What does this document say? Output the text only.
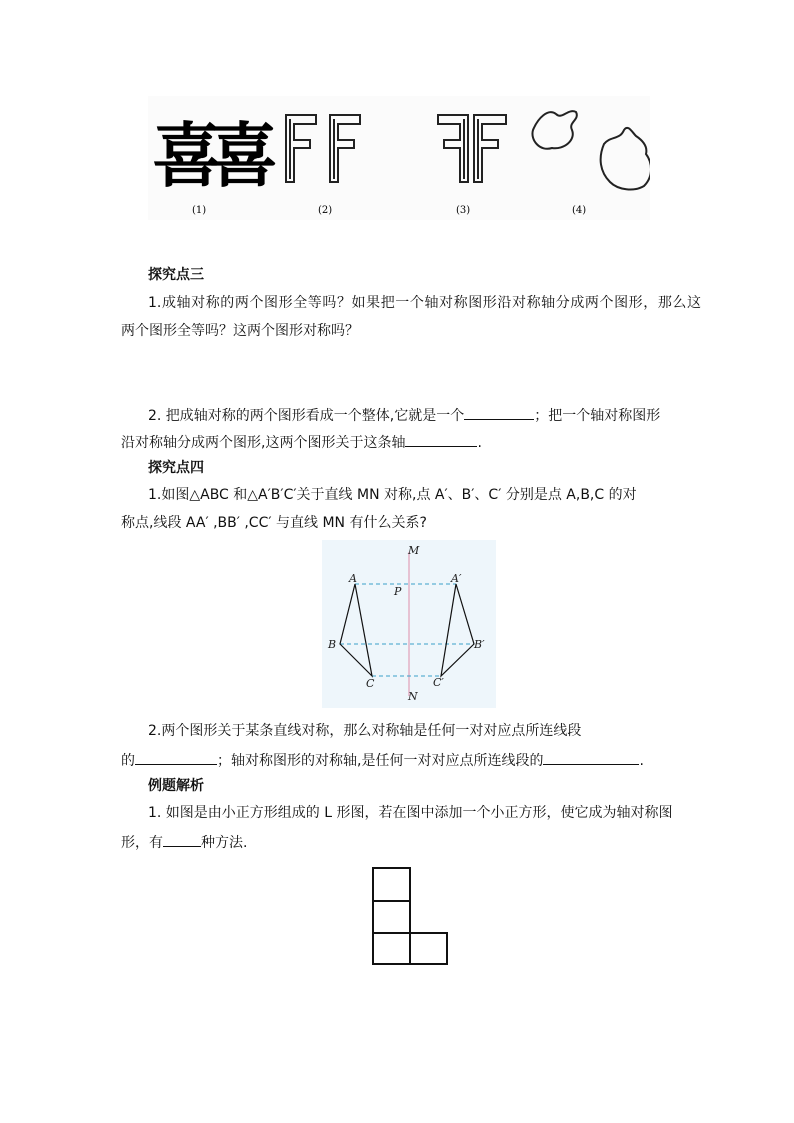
喜
喜
(1)	(2)	(3)	(4)
探究点三
1.成轴对称的两个图形全等吗？如果把一个轴对称图形沿对称轴分成两个图形，那么这
两个图形全等吗？这两个图形对称吗？
2. 把成轴对称的两个图形看成一个整体,它就是一个	；把一个轴对称图形
沿对称轴分成两个图形,这两个图形关于这条轴	.
探究点四
1.如图△ABC 和△A′B′C′关于直线 MN 对称,点 A′、B′、C′ 分别是点 A,B,C 的对
称点,线段 AA′ ,BB′ ,CC′ 与直线 MN 有什么关系?
M
N
P
A
B
C
A′
B′
C′
2.两个图形关于某条直线对称，那么对称轴是任何一对对应点所连线段
的	；轴对称图形的对称轴,是任何一对对应点所连线段的	.
例题解析
1. 如图是由小正方形组成的 L 形图，若在图中添加一个小正方形，使它成为轴对称图
形，有	种方法.
